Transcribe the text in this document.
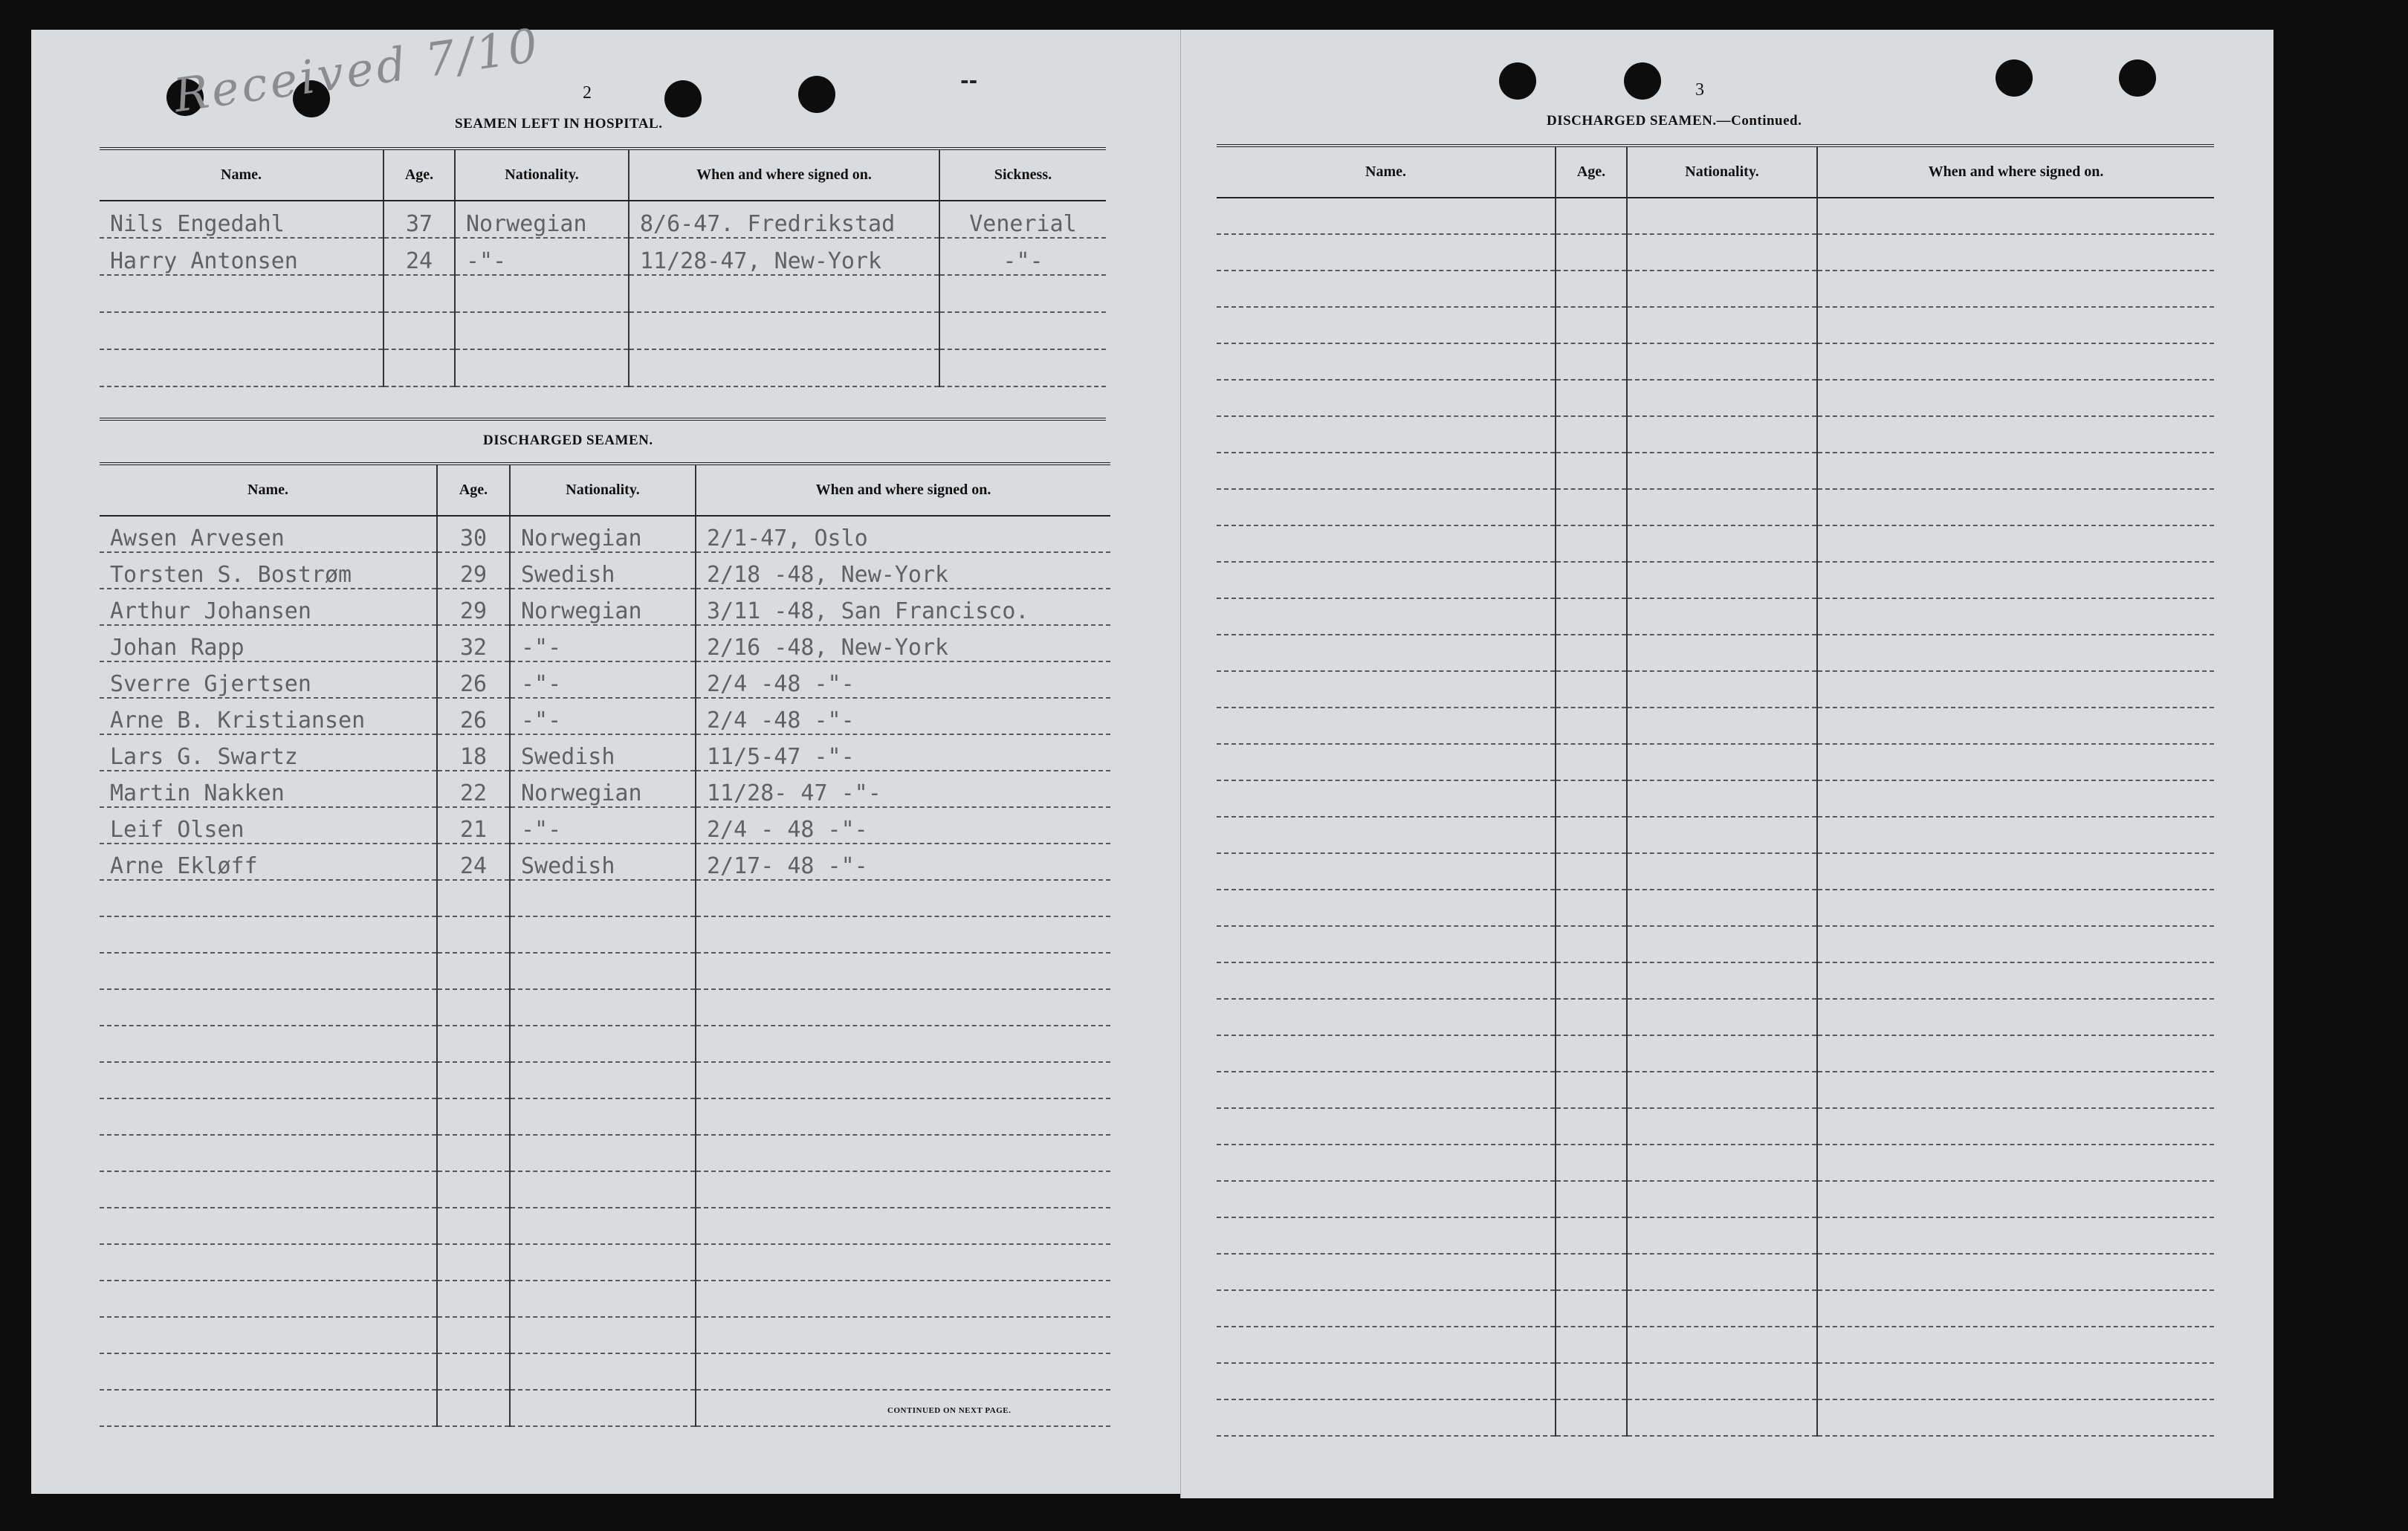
Received 7/10	--
2
SEAMEN LEFT IN HOSPITAL.
Name.	Age.	Nationality.	When and where signed on.	Sickness.
Nils Engedahl	37	Norwegian	8/6-47. Fredrikstad	Venerial
Harry Antonsen	24	-"-	11/28-47, New-York	-"-

DISCHARGED SEAMEN.
Name.	Age.	Nationality.	When and where signed on.
Awsen Arvesen	30	Norwegian	2/1-47, Oslo
Torsten S. Bostrøm	29	Swedish	2/18 -48, New-York
Arthur Johansen	29	Norwegian	3/11 -48, San Francisco.
Johan Rapp	32	-"-	2/16 -48, New-York
Sverre Gjertsen	26	-"-	2/4 -48 -"-
Arne B. Kristiansen	26	-"-	2/4 -48 -"-
Lars G. Swartz	18	Swedish	11/5-47 -"-
Martin Nakken	22	Norwegian	11/28- 47 -"-
Leif Olsen	21	-"-	2/4 - 48 -"-
Arne Ekløff	24	Swedish	2/17- 48 -"-

CONTINUED ON NEXT PAGE.
3
DISCHARGED SEAMEN.—Continued.
Name.	Age.	Nationality.	When and where signed on.
